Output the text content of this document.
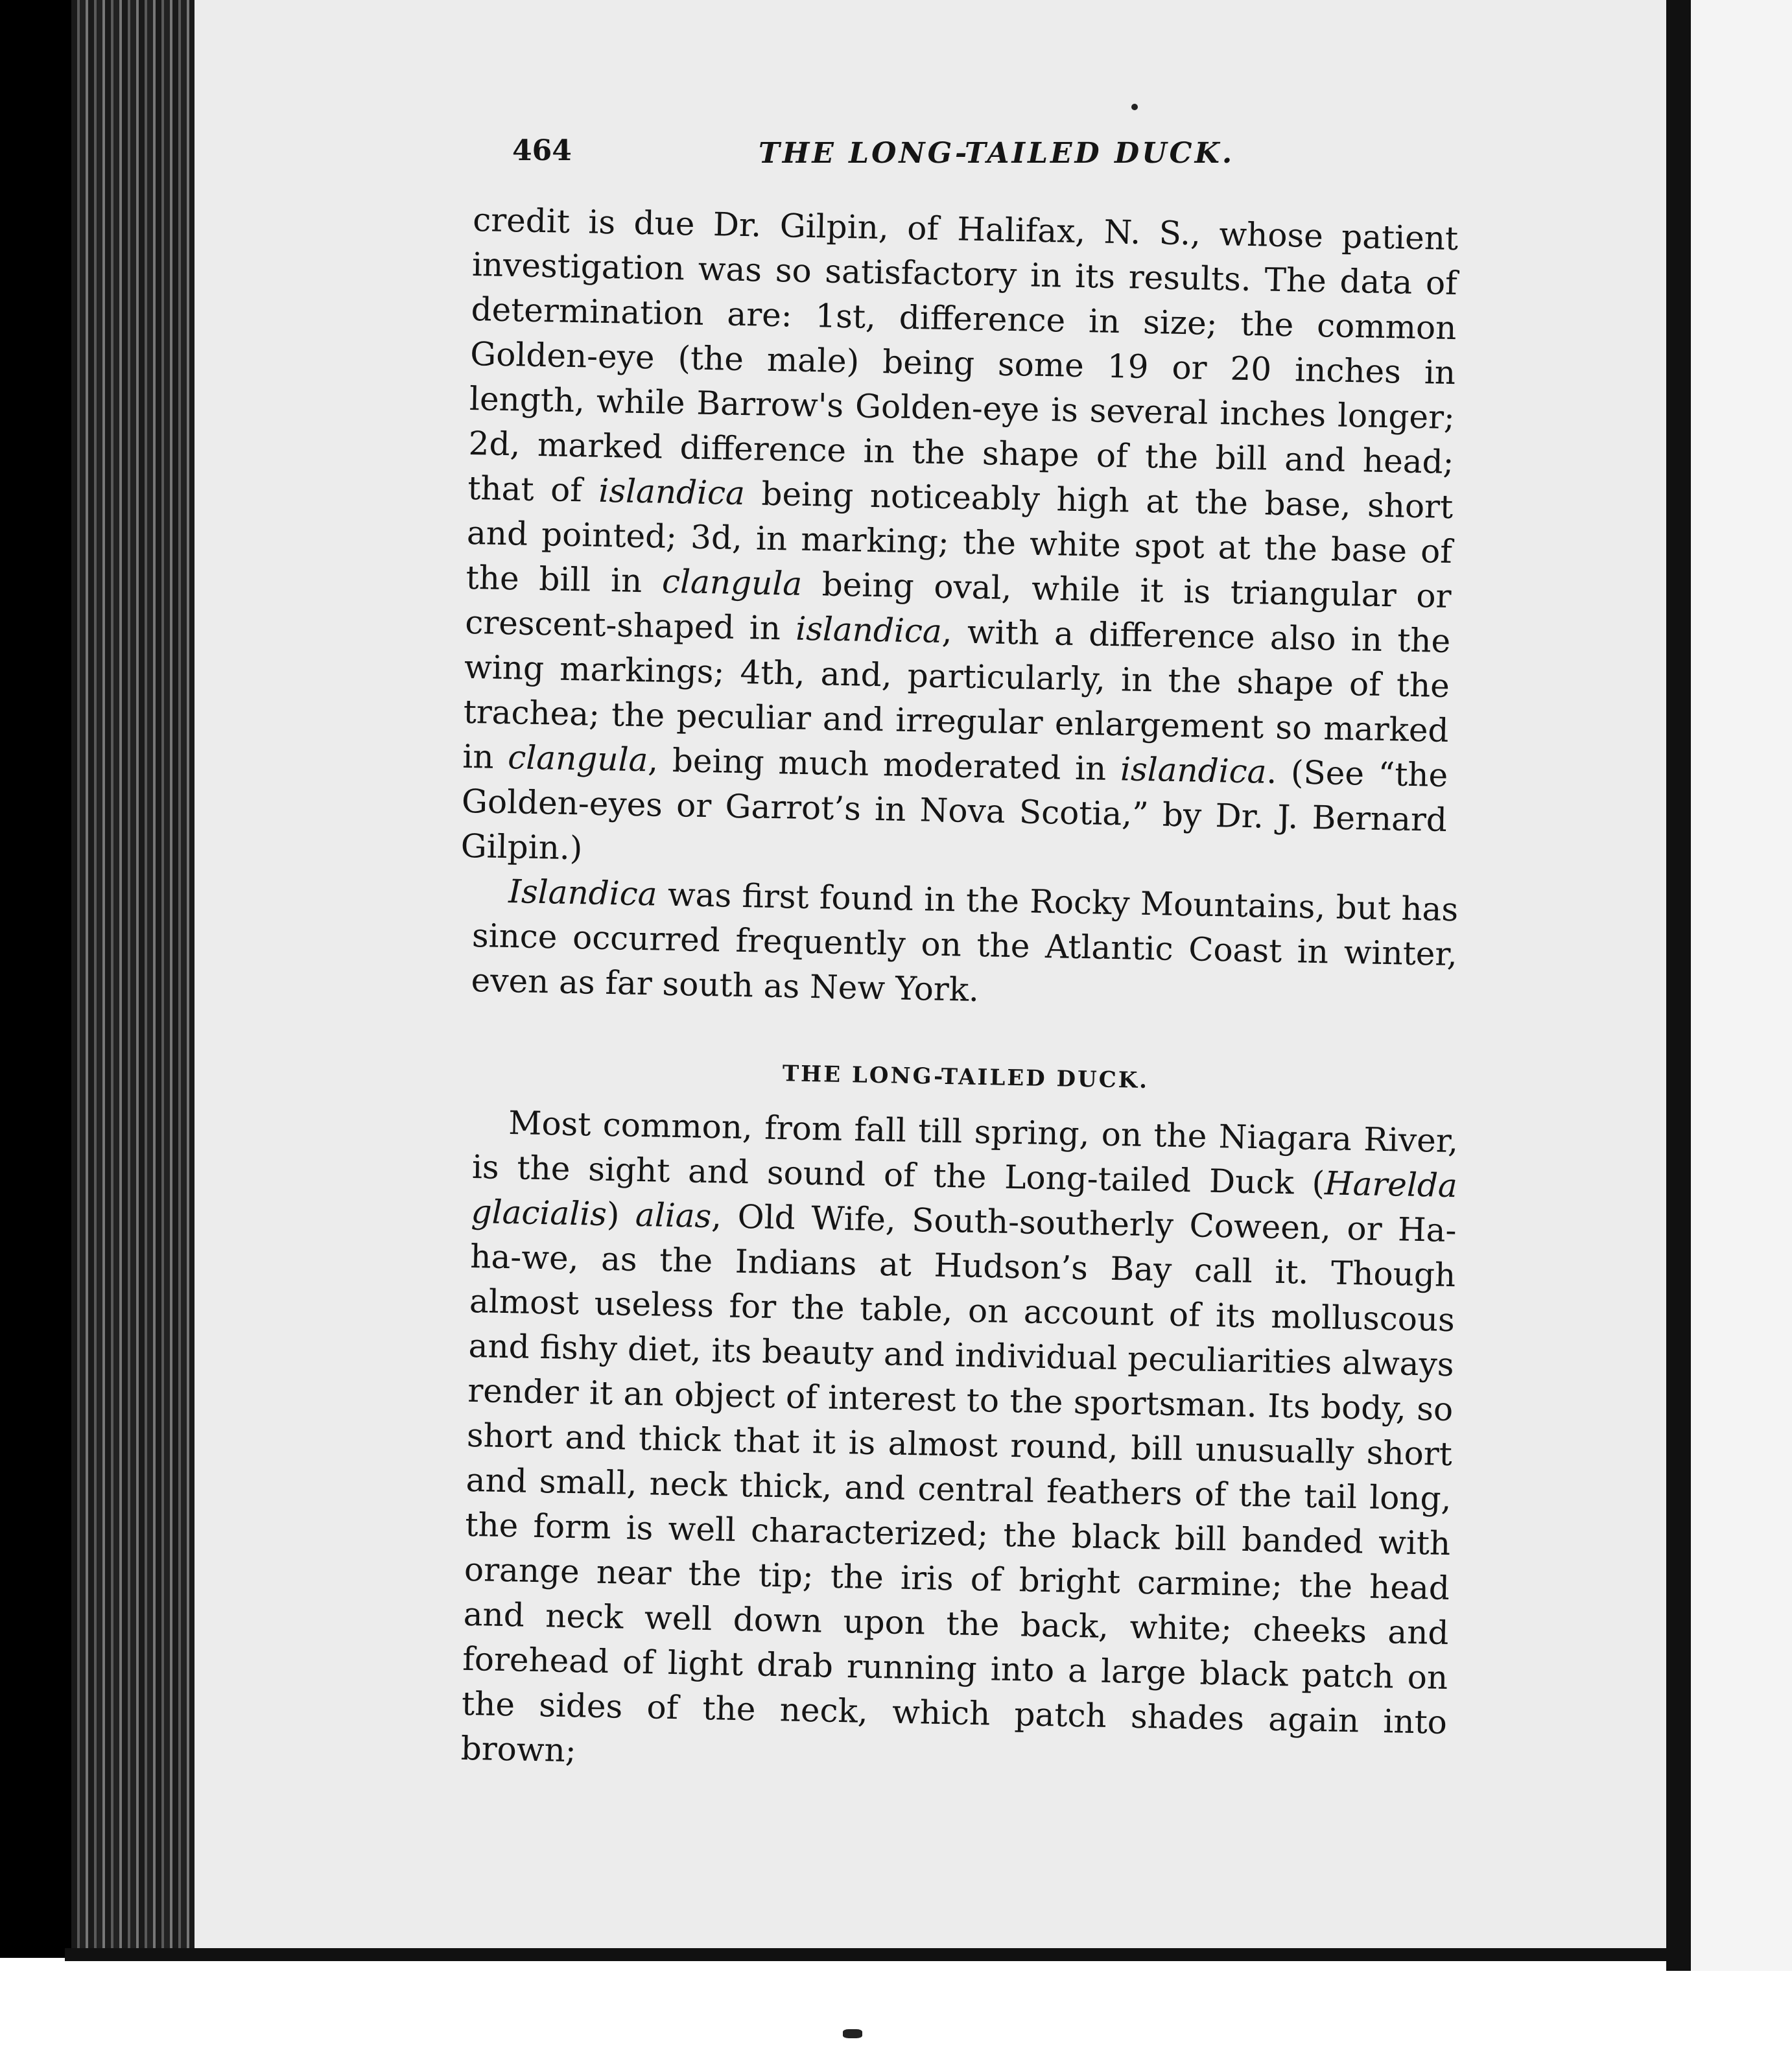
464	THE LONG-TAILED DUCK.

credit is due Dr. Gilpin, of Halifax, N. S., whose patient investigation was so satisfactory in its results. The data of determination are: 1st, difference in size; the common Golden-eye (the male) being some 19 or 20 inches in length, while Barrow's Golden-eye is several inches longer; 2d, marked difference in the shape of the bill and head; that of islandica being noticeably high at the base, short and pointed; 3d, in marking; the white spot at the base of the bill in clangula being oval, while it is triangular or crescent-shaped in islandica, with a difference also in the wing markings; 4th, and, particularly, in the shape of the trachea; the peculiar and irregular enlargement so marked in clangula, being much moderated in islandica. (See “the Golden-eyes or Garrot’s in Nova Scotia,” by Dr. J. Bernard Gilpin.)

Islandica was first found in the Rocky Mountains, but has since occurred frequently on the Atlantic Coast in winter, even as far south as New York.

THE LONG-TAILED DUCK.

Most common, from fall till spring, on the Niagara River, is the sight and sound of the Long-tailed Duck (Harelda glacialis) alias, Old Wife, South-southerly Coween, or Ha-ha-we, as the Indians at Hudson’s Bay call it. Though almost useless for the table, on account of its molluscous and fishy diet, its beauty and individual peculiarities always render it an object of interest to the sportsman. Its body, so short and thick that it is almost round, bill unusually short and small, neck thick, and central feathers of the tail long, the form is well characterized; the black bill banded with orange near the tip; the iris of bright carmine; the head and neck well down upon the back, white; cheeks and forehead of light drab running into a large black patch on the sides of the neck, which patch shades again into brown;
